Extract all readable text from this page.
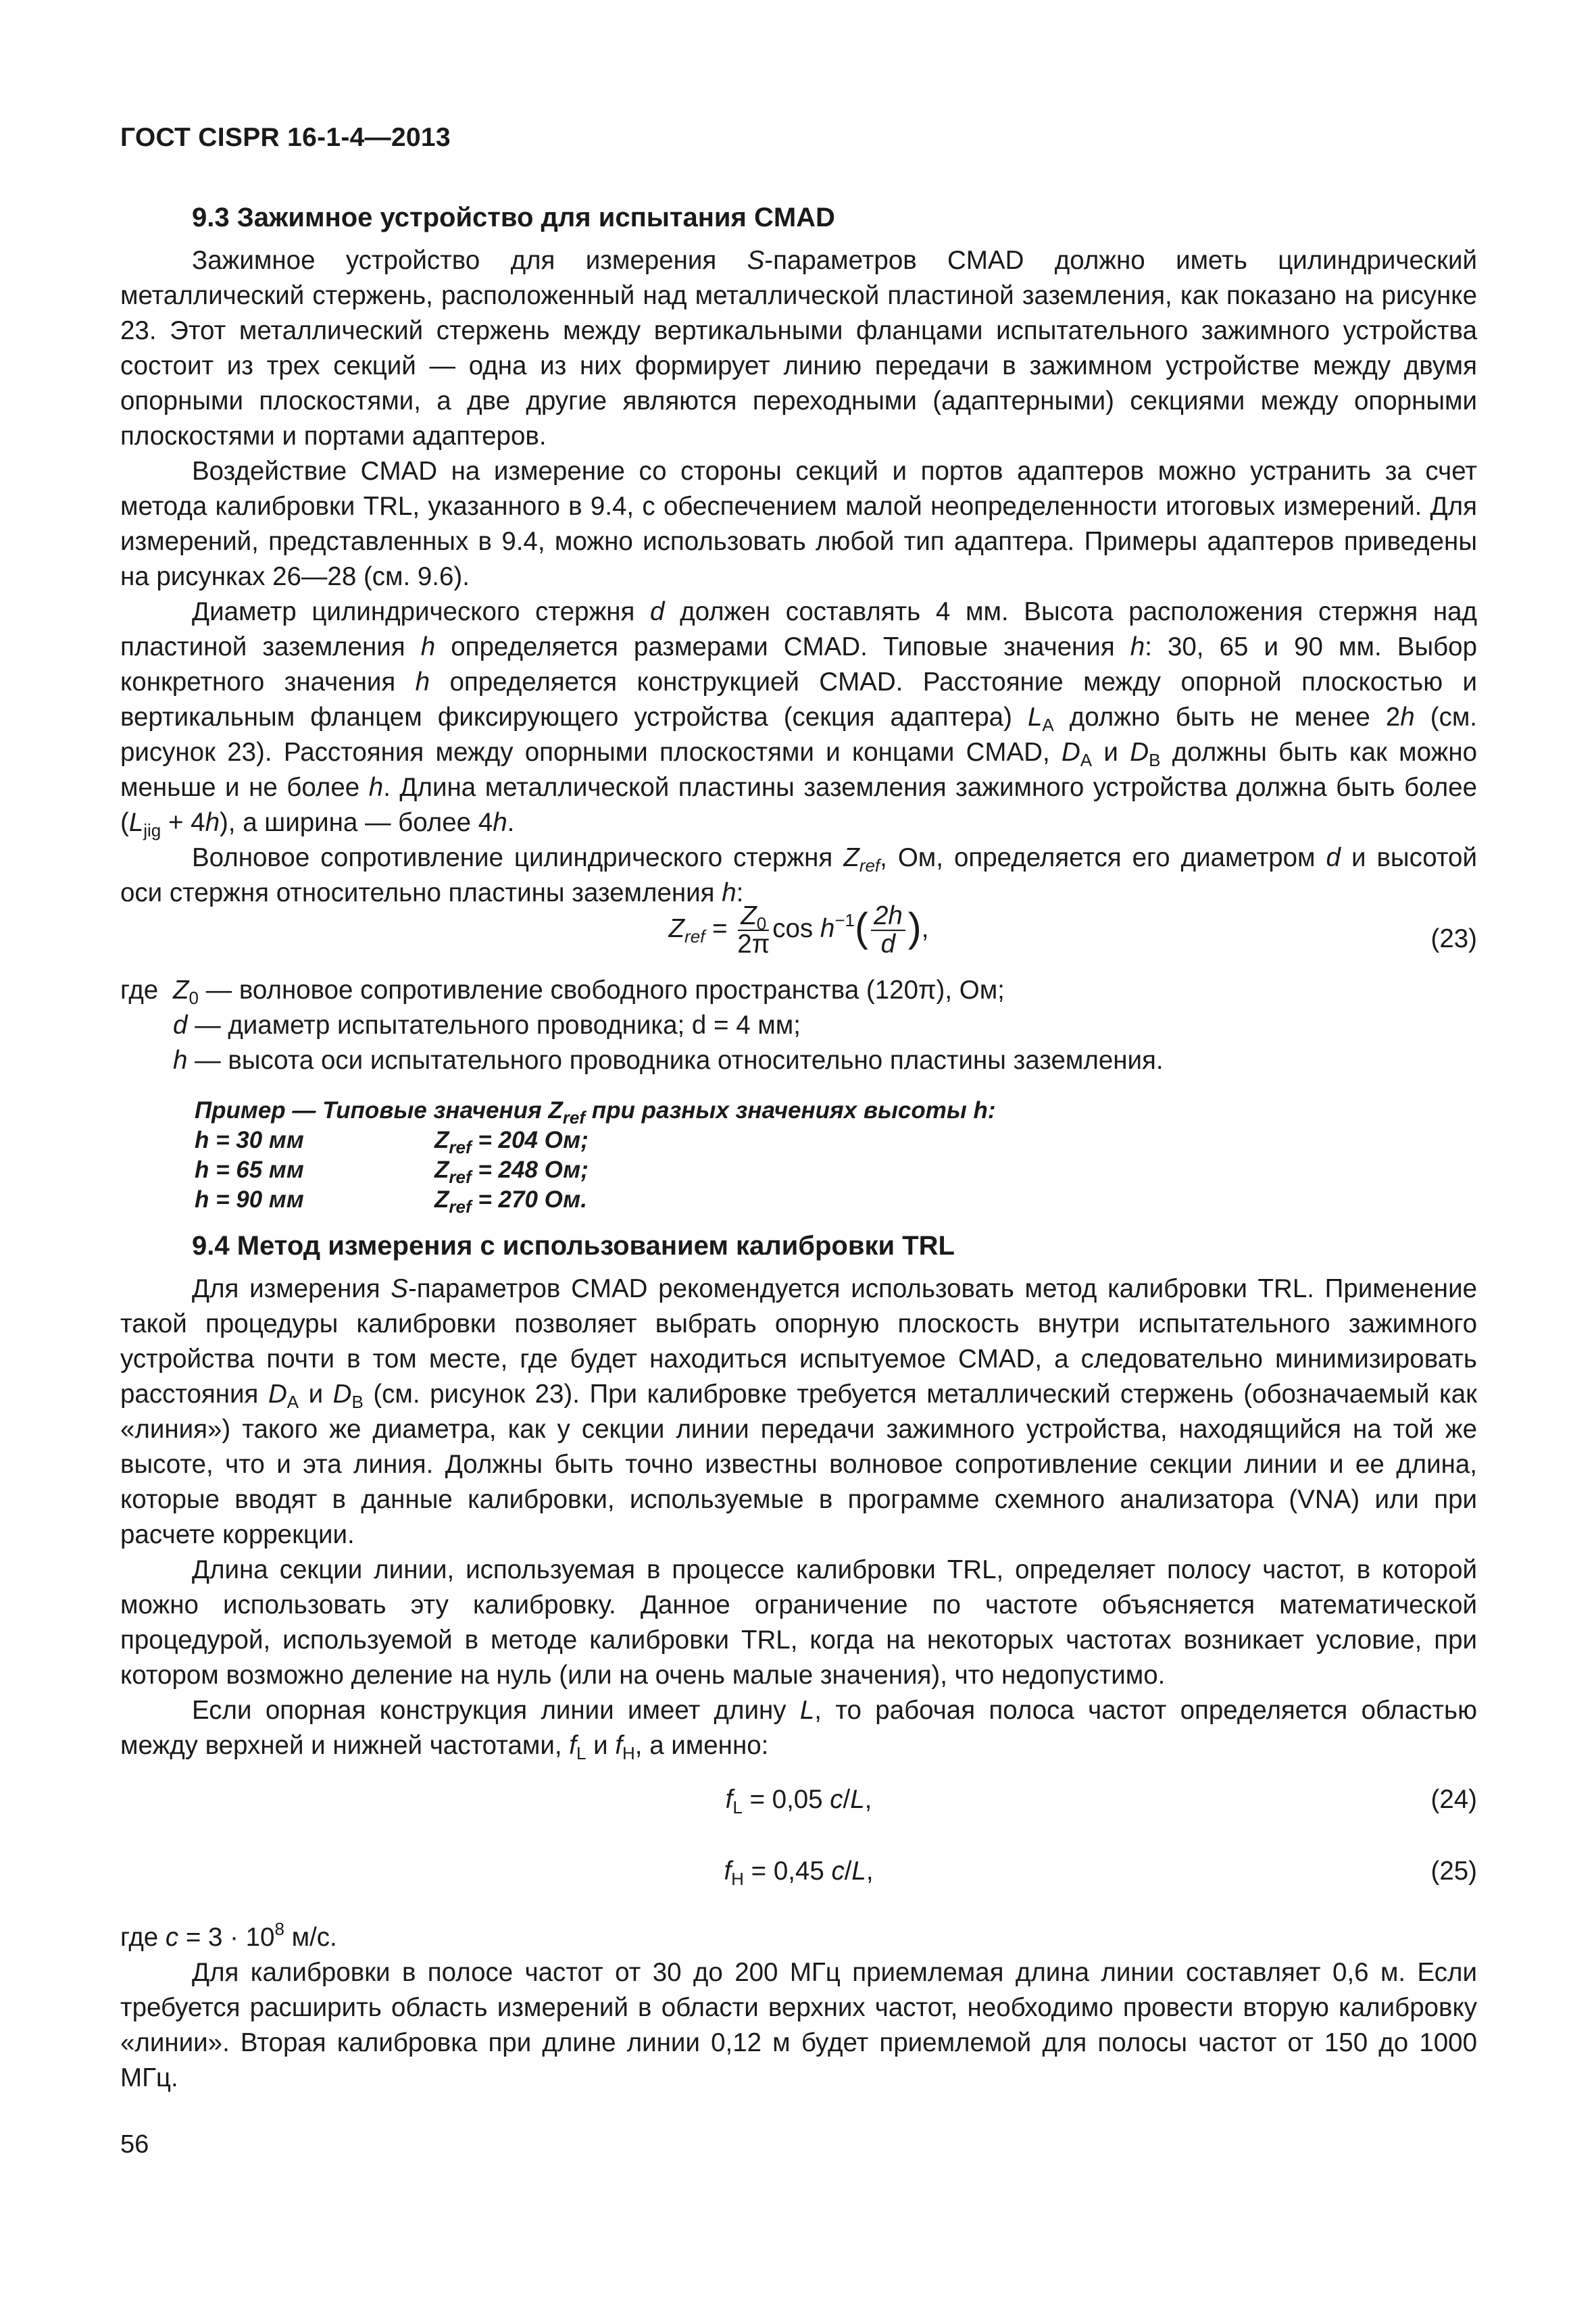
ГОСТ CISPR 16-1-4—2013
9.3 Зажимное устройство для испытания CMAD

Зажимное устройство для измерения S-параметров CMAD должно иметь цилиндрический металлический стержень, расположенный над металлической пластиной заземления, как показано на рисунке 23. Этот металлический стержень между вертикальными фланцами испытательного зажимного устройства состоит из трех секций — одна из них формирует линию передачи в зажимном устройстве между двумя опорными плоскостями, а две другие являются переходными (адаптерными) секциями между опорными плоскостями и портами адаптеров.

Воздействие CMAD на измерение со стороны секций и портов адаптеров можно устранить за счет метода калибровки TRL, указанного в 9.4, с обеспечением малой неопределенности итоговых измерений. Для измерений, представленных в 9.4, можно использовать любой тип адаптера. Примеры адаптеров приведены на рисунках 26—28 (см. 9.6).

Диаметр цилиндрического стержня d должен составлять 4 мм. Высота расположения стержня над пластиной заземления h определяется размерами CMAD. Типовые значения h: 30, 65 и 90 мм. Выбор конкретного значения h определяется конструкцией CMAD. Расстояние между опорной плоскостью и вертикальным фланцем фиксирующего устройства (секция адаптера) $L_A$ должно быть не менее 2h (см. рисунок 23). Расстояния между опорными плоскостями и концами CMAD, $D_A$ и $D_B$ должны быть как можно меньше и не более h. Длина металлической пластины заземления зажимного устройства должна быть более $(L_{jig} + 4h)$, а ширина — более 4h.

Волновое сопротивление цилиндрического стержня $Z_{ref}$, Ом, определяется его диаметром d и высотой оси стержня относительно пластины заземления h:

$Z_{ref} = \frac{Z_0}{2\pi}$ $\cos h^{-1}( \frac{2h}{d}$ ),	(23)
где $Z_0$ — волновое сопротивление свободного пространства (120π), Ом;
d — диаметр испытательного проводника; d = 4 мм;
h — высота оси испытательного проводника относительно пластины заземления.
Пример — Типовые значения $Z_{ref}$ при разных значениях высоты h:
h = 30 мм	$Z_{ref} = 204$ Ом;
h = 65 мм	$Z_{ref} = 248$ Ом;
h = 90 мм	$Z_{ref} = 270$ Ом.
9.4 Метод измерения с использованием калибровки TRL

Для измерения S-параметров CMAD рекомендуется использовать метод калибровки TRL. Применение такой процедуры калибровки позволяет выбрать опорную плоскость внутри испытательного зажимного устройства почти в том месте, где будет находиться испытуемое CMAD, а следовательно минимизировать расстояния $D_A$ и $D_B$ (см. рисунок 23). При калибровке требуется металлический стержень (обозначаемый как «линия») такого же диаметра, как у секции линии передачи зажимного устройства, находящийся на той же высоте, что и эта линия. Должны быть точно известны волновое сопротивление секции линии и ее длина, которые вводят в данные калибровки, используемые в программе схемного анализатора (VNA) или при расчете коррекции.

Длина секции линии, используемая в процессе калибровки TRL, определяет полосу частот, в которой можно использовать эту калибровку. Данное ограничение по частоте объясняется математической процедурой, используемой в методе калибровки TRL, когда на некоторых частотах возникает условие, при котором возможно деление на нуль (или на очень малые значения), что недопустимо.

Если опорная конструкция линии имеет длину L, то рабочая полоса частот определяется областью между верхней и нижней частотами, $f_L$ и $f_H$, а именно:

$f_L = 0,05$ c/L,	(24)
$f_H = 0,45$ c/L,	(25)
где $c = 3 \cdot 10^8$ м/с.

Для калибровки в полосе частот от 30 до 200 МГц приемлемая длина линии составляет 0,6 м. Если требуется расширить область измерений в области верхних частот, необходимо провести вторую калибровку «линии». Вторая калибровка при длине линии 0,12 м будет приемлемой для полосы частот от 150 до 1000 МГц.

56
